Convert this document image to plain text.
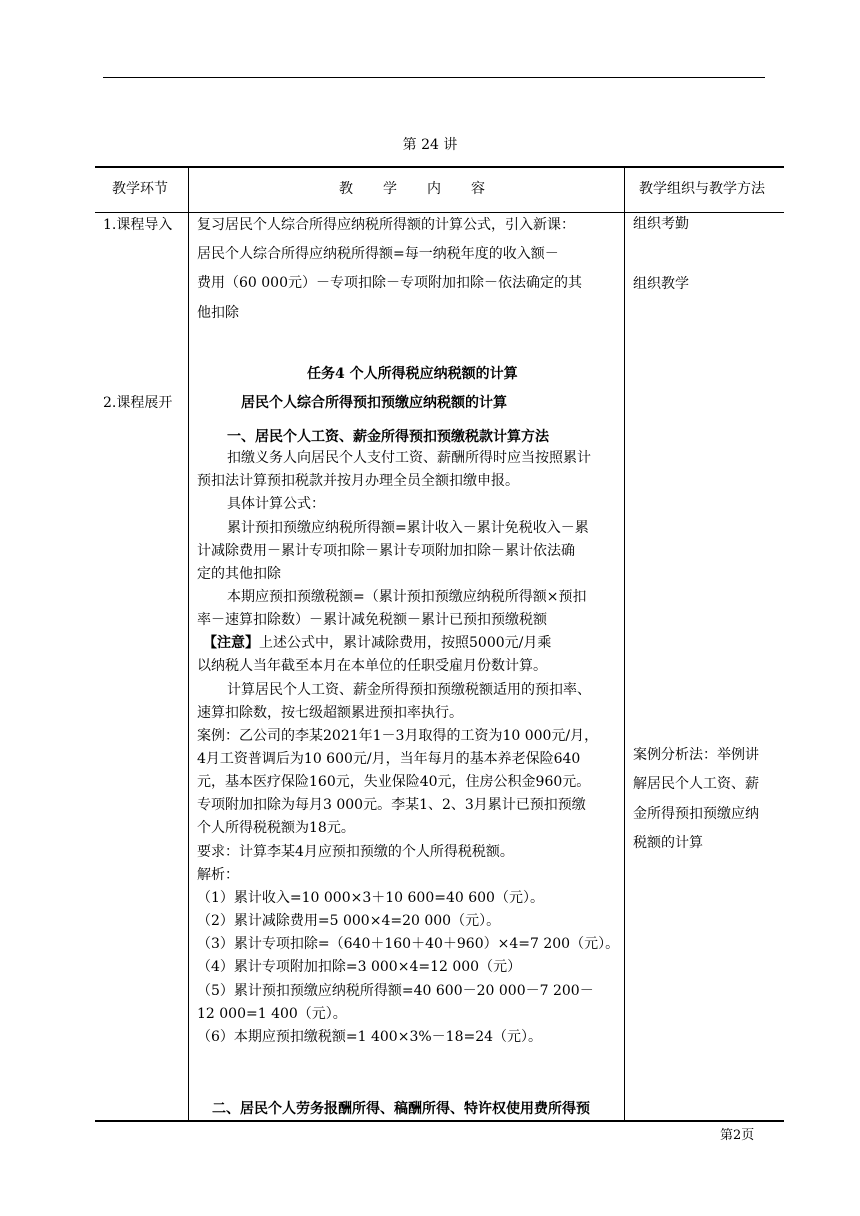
第 24 讲
教学环节	教　学　内　容	教学组织与教学方法
1.课程导入
2.课程展开
复习居民个人综合所得应纳税所得额的计算公式，引入新课：
居民个人综合所得应纳税所得额=每一纳税年度的收入额－
费用（60 000元）－专项扣除－专项附加扣除－依法确定的其
他扣除
任务4 个人所得税应纳税额的计算
居民个人综合所得预扣预缴应纳税额的计算
一、居民个人工资、薪金所得预扣预缴税款计算方法
扣缴义务人向居民个人支付工资、薪酬所得时应当按照累计
预扣法计算预扣税款并按月办理全员全额扣缴申报。
具体计算公式：
累计预扣预缴应纳税所得额=累计收入－累计免税收入－累
计减除费用－累计专项扣除－累计专项附加扣除－累计依法确
定的其他扣除
本期应预扣预缴税额=（累计预扣预缴应纳税所得额×预扣
率－速算扣除数）－累计减免税额－累计已预扣预缴税额
【注意】上述公式中，累计减除费用，按照5000元/月乘
以纳税人当年截至本月在本单位的任职受雇月份数计算。
计算居民个人工资、薪金所得预扣预缴税额适用的预扣率、
速算扣除数，按七级超额累进预扣率执行。
案例：乙公司的李某2021年1－3月取得的工资为10 000元/月，
4月工资普调后为10 600元/月，当年每月的基本养老保险640
元，基本医疗保险160元，失业保险40元，住房公积金960元。
专项附加扣除为每月3 000元。李某1、2、3月累计已预扣预缴
个人所得税税额为18元。
要求：计算李某4月应预扣预缴的个人所得税税额。
解析：
（1）累计收入=10 000×3＋10 600=40 600（元）。
（2）累计减除费用=5 000×4=20 000（元）。
（3）累计专项扣除=（640＋160＋40＋960）×4=7 200（元）。
（4）累计专项附加扣除=3 000×4=12 000（元）
（5）累计预扣预缴应纳税所得额=40 600－20 000－7 200－
12 000=1 400（元）。
（6）本期应预扣缴税额=1 400×3%－18=24（元）。
二、居民个人劳务报酬所得、稿酬所得、特许权使用费所得预
组织考勤
组织教学
案例分析法：举例讲
解居民个人工资、薪
金所得预扣预缴应纳
税额的计算
第2页
